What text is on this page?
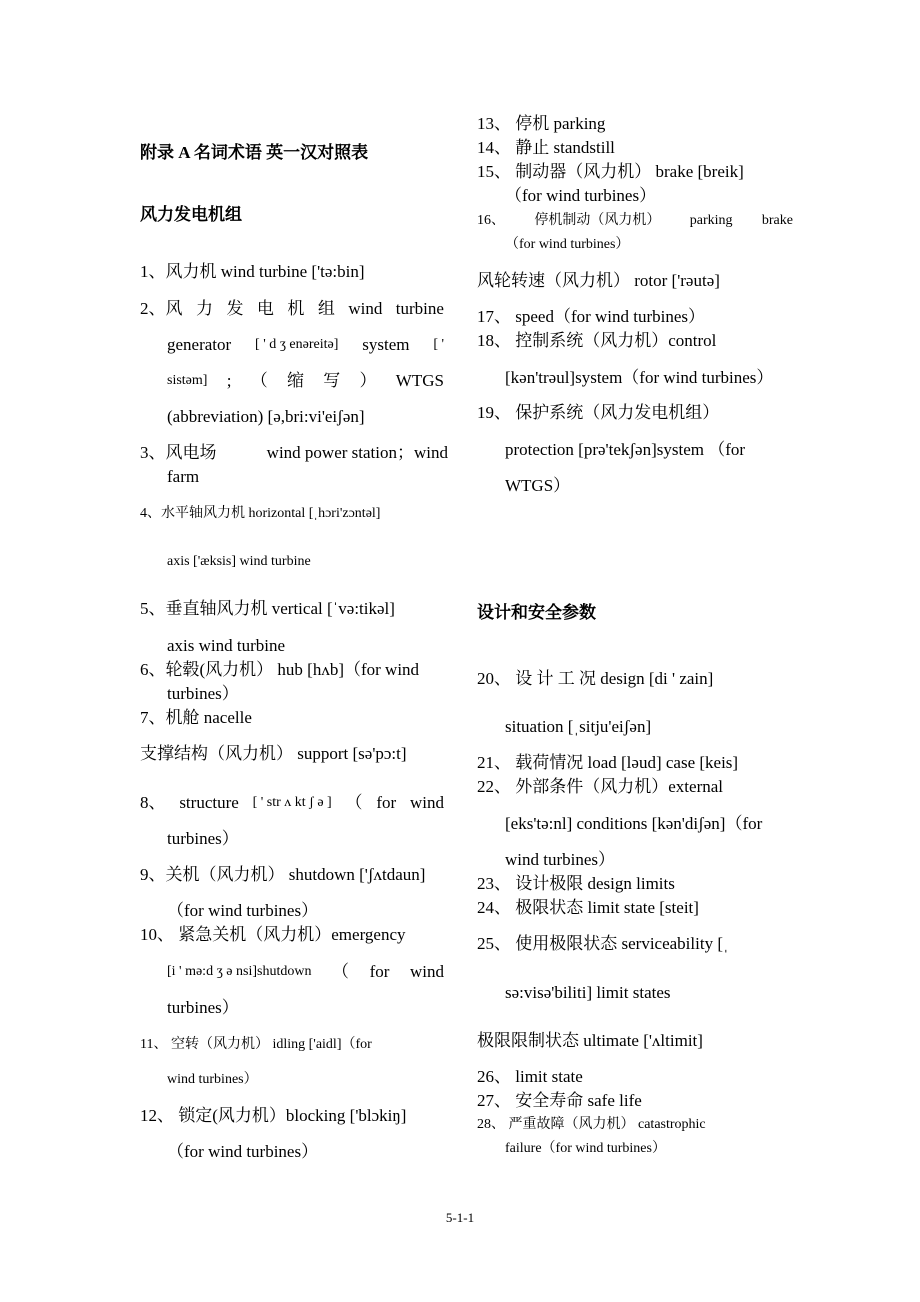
附录 A 名词术语 英一汉对照表
风力发电机组
1、风力机 wind turbine ['tə:bin]
2、风 力 发 电 机 组 wind turbine
generator [ ' d ʒ enəreitə] system [ '
sistəm] ; （ 缩 写 ） WTGS
(abbreviation) [ə,bri:vi'eiʃən]
3、风电场	wind power station；wind
farm
4、水平轴风力机 horizontal [ˌhɔri'zɔntəl]
axis ['æksis] wind turbine
5、垂直轴风力机 vertical [ˈvə:tikəl]
axis wind turbine
6、轮毂(风力机） hub [hʌb]（for wind
turbines）
7、机舱 nacelle
支撑结构（风力机） support [sə'pɔ:t]
8、 structure [ ' str ʌ kt ʃ ə ] （ for wind
turbines）
9、关机（风力机） shutdown ['ʃʌtdaun]
（for wind turbines）
10、 紧急关机（风力机）emergency
[i ' mə:d ʒ ə nsi]shutdown （ for wind
turbines）
11、 空转（风力机） idling ['aidl]（for
wind turbines）
12、 锁定(风力机）blocking ['blɔkiŋ]
（for wind turbines）
13、 停机 parking
14、 静止 standstill
15、 制动器（风力机） brake [breik]
（for wind turbines）
16、 停机制动（风力机） parking brake
（for wind turbines）
风轮转速（风力机） rotor ['rəutə]
17、 speed（for wind turbines）
18、 控制系统（风力机）control
[kən'trəul]system（for wind turbines）
19、 保护系统（风力发电机组）
protection [prə'tekʃən]system （for
WTGS）
设计和安全参数
20、 设 计 工 况 design [di ' zain]
situation [ˌsitju'eiʃən]
21、 载荷情况 load [ləud] case [keis]
22、 外部条件（风力机）external
[eks'tə:nl] conditions [kən'diʃən]（for
wind turbines）
23、 设计极限 design limits
24、 极限状态 limit state [steit]
25、 使用极限状态 serviceability [ˌ
sə:visə'biliti] limit states
极限限制状态 ultimate ['ʌltimit]
26、 limit state
27、 安全寿命 safe life
28、 严重故障（风力机） catastrophic
failure（for wind turbines）
5-1-1
